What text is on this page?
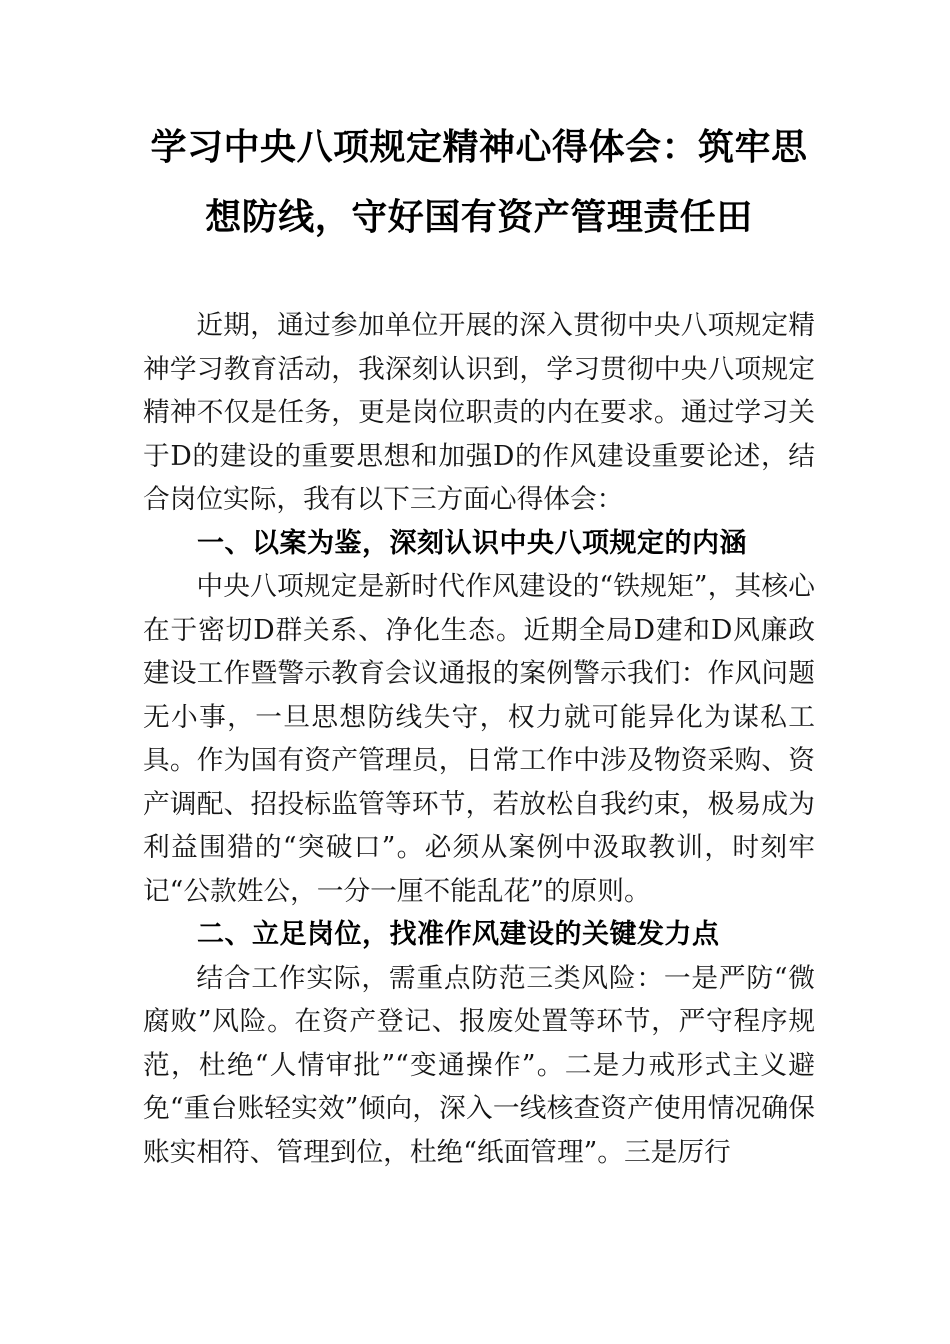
学习中央八项规定精神心得体会：筑牢思想防线，守好国有资产管理责任田

近期，通过参加单位开展的深入贯彻中央八项规定精神学习教育活动，我深刻认识到，学习贯彻中央八项规定精神不仅是任务，更是岗位职责的内在要求。通过学习关于D的建设的重要思想和加强D的作风建设重要论述，结合岗位实际，我有以下三方面心得体会：

一、以案为鉴，深刻认识中央八项规定的内涵

中央八项规定是新时代作风建设的“铁规矩”，其核心在于密切D群关系、净化生态。近期全局D建和D风廉政建设工作暨警示教育会议通报的案例警示我们：作风问题无小事，一旦思想防线失守，权力就可能异化为谋私工具。作为国有资产管理员，日常工作中涉及物资采购、资产调配、招投标监管等环节，若放松自我约束，极易成为利益围猎的“突破口”。必须从案例中汲取教训，时刻牢记“公款姓公，一分一厘不能乱花”的原则。

二、立足岗位，找准作风建设的关键发力点

结合工作实际，需重点防范三类风险：一是严防“微腐败”风险。在资产登记、报废处置等环节，严守程序规范，杜绝“人情审批”“变通操作”。二是力戒形式主义避免“重台账轻实效”倾向，深入一线核查资产使用情况确保账实相符、管理到位，杜绝“纸面管理”。三是厉行
